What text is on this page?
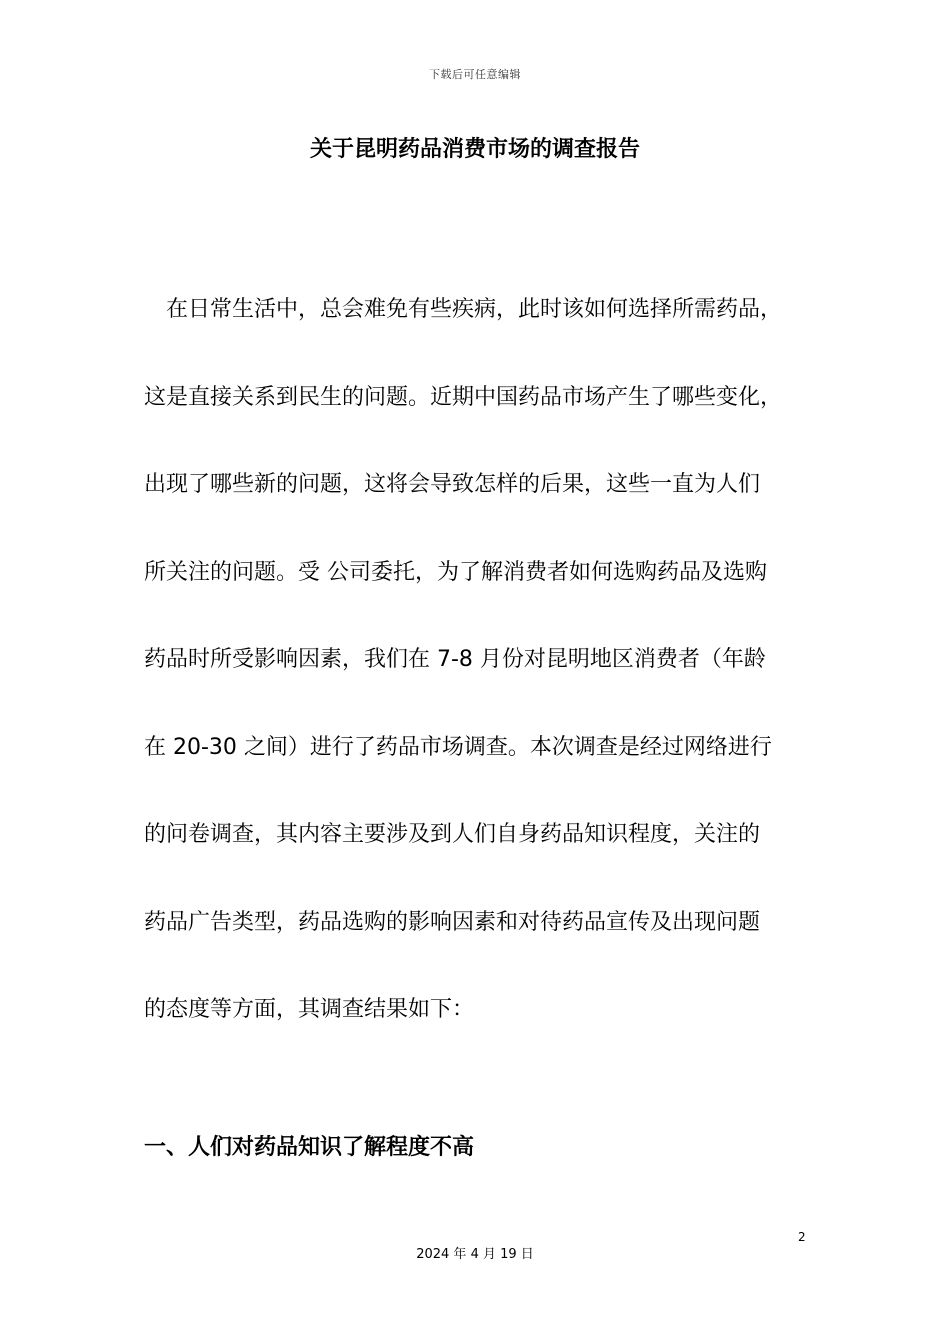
下载后可任意编辑
关于昆明药品消费市场的调查报告
在日常生活中，总会难免有些疾病，此时该如何选择所需药品，
这是直接关系到民生的问题。近期中国药品市场产生了哪些变化，
出现了哪些新的问题，这将会导致怎样的后果，这些一直为人们
所关注的问题。受 公司委托，为了解消费者如何选购药品及选购
药品时所受影响因素，我们在 7-8 月份对昆明地区消费者（年龄
在 20-30 之间）进行了药品市场调查。本次调查是经过网络进行
的问卷调查，其内容主要涉及到人们自身药品知识程度，关注的
药品广告类型，药品选购的影响因素和对待药品宣传及出现问题
的态度等方面，其调查结果如下：
一、人们对药品知识了解程度不高
2
2024 年 4 月 19 日
